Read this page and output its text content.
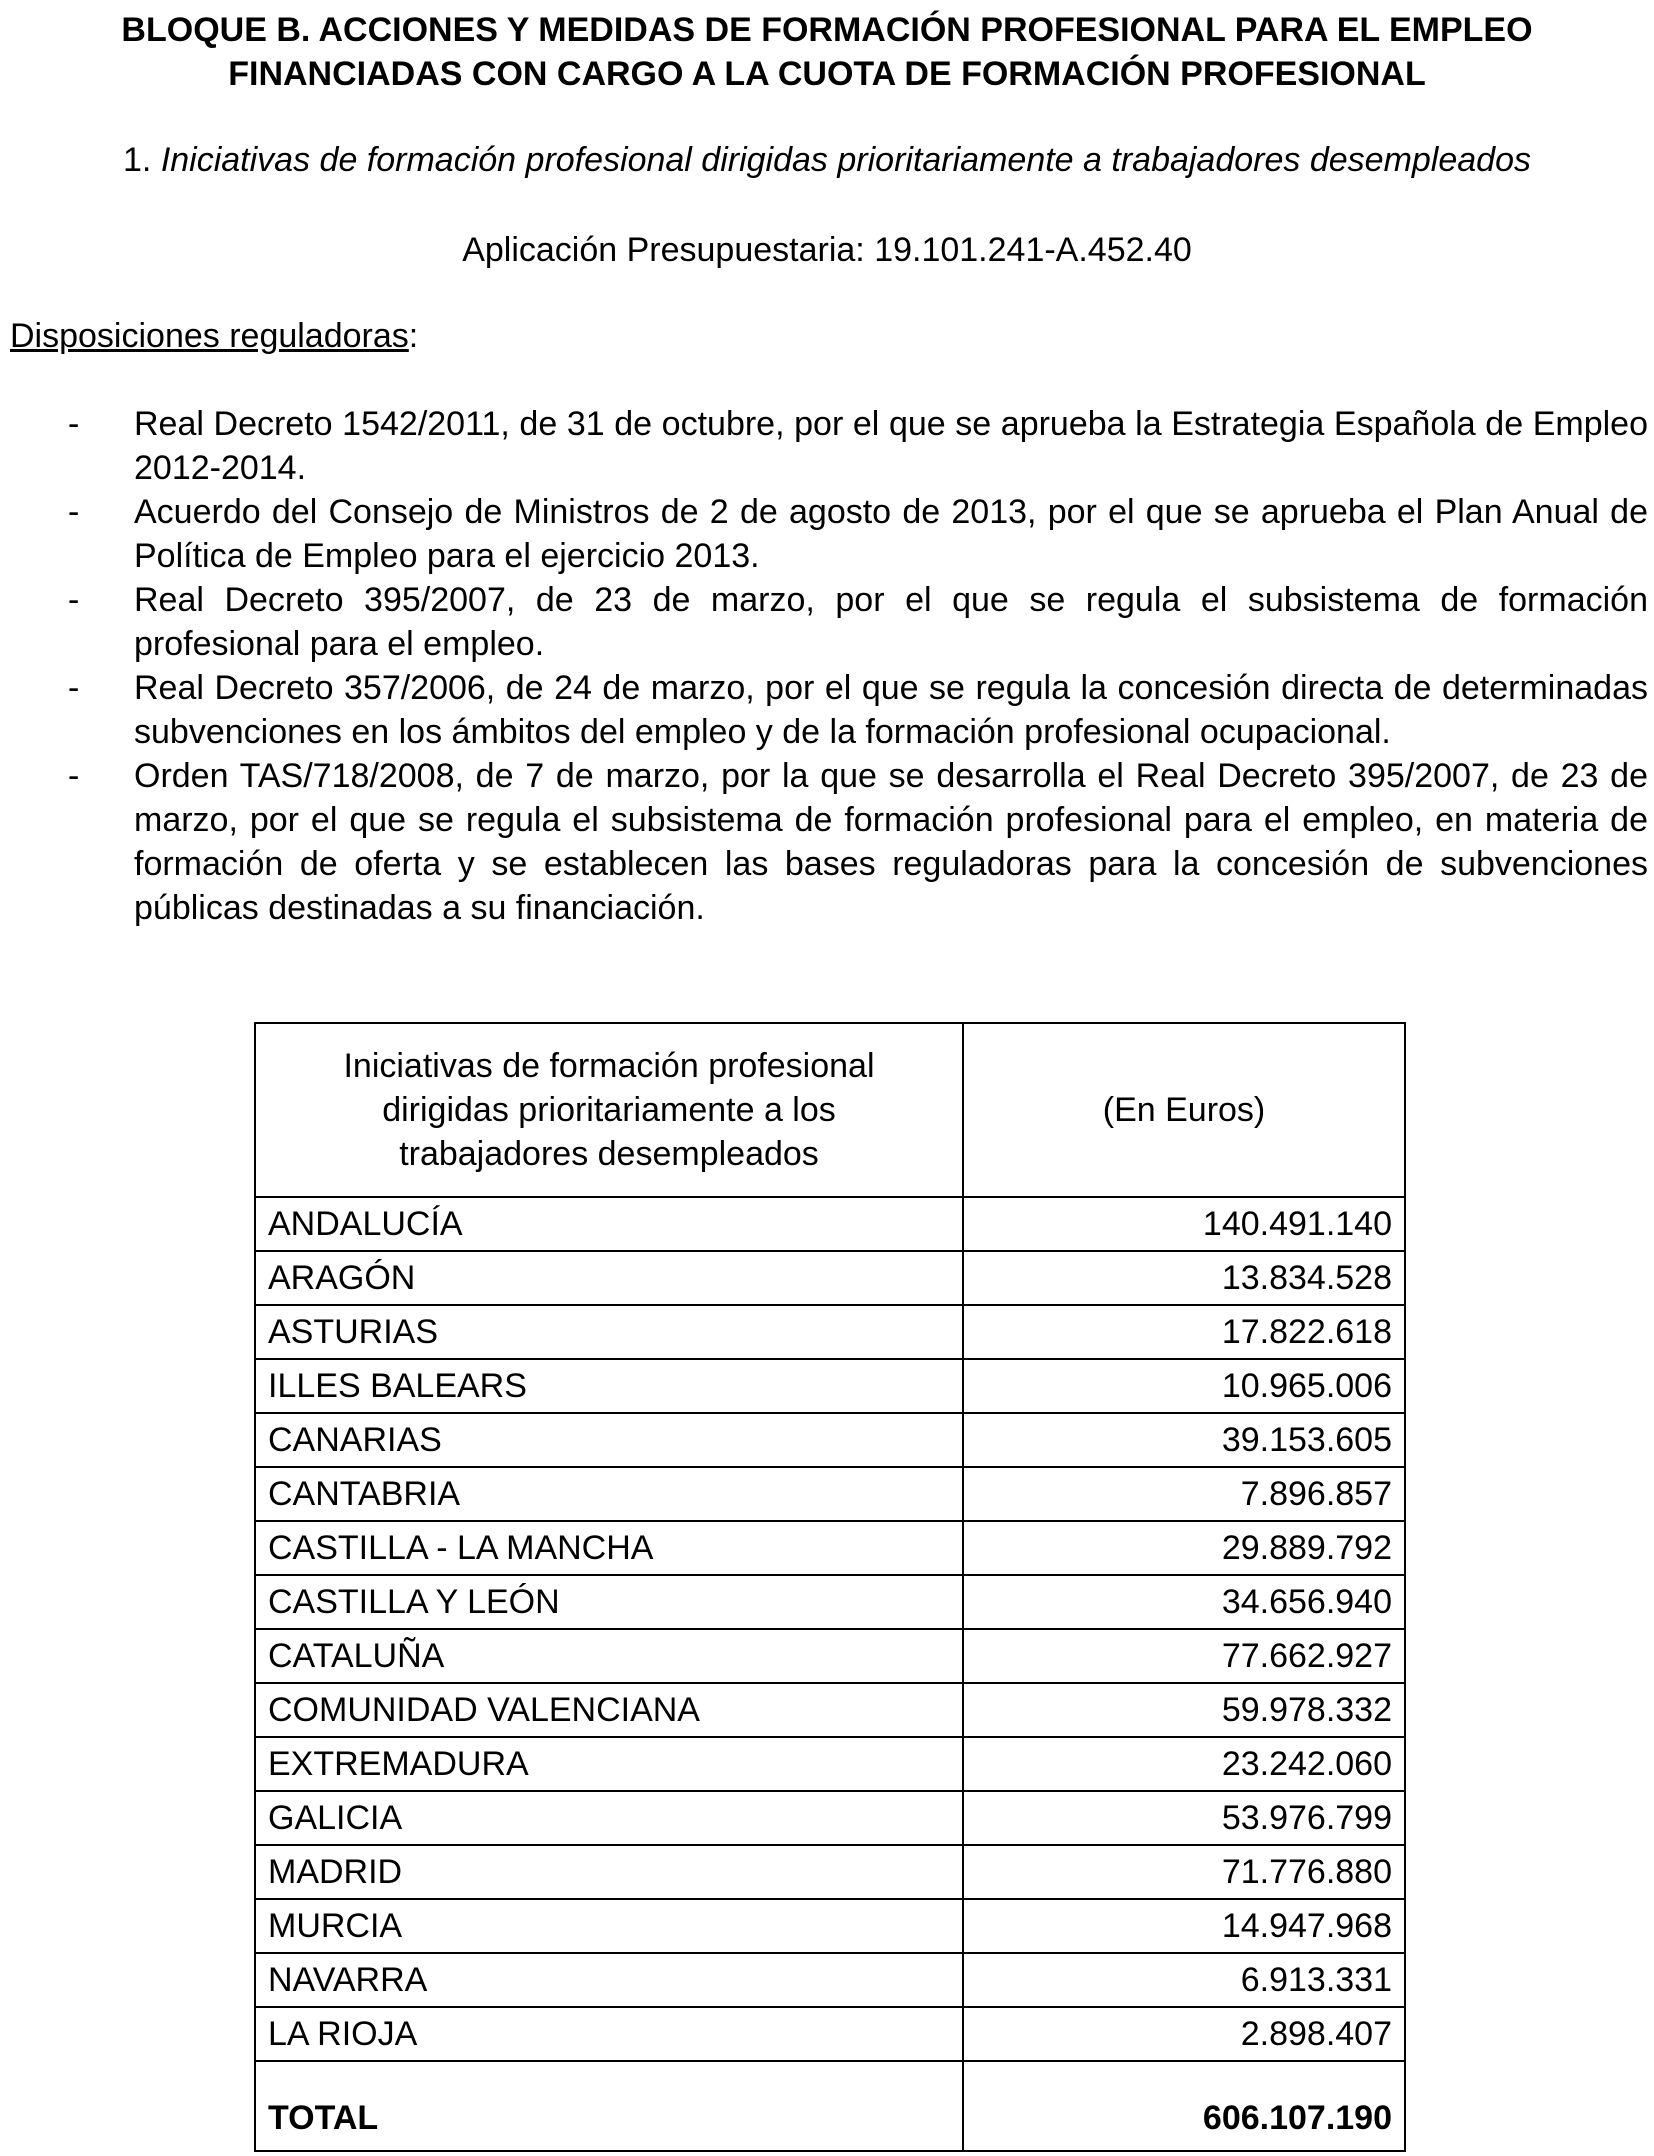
BLOQUE B. ACCIONES Y MEDIDAS DE FORMACIÓN PROFESIONAL PARA EL EMPLEO
FINANCIADAS CON CARGO A LA CUOTA DE FORMACIÓN PROFESIONAL

1. Iniciativas de formación profesional dirigidas prioritariamente a trabajadores desempleados

Aplicación Presupuestaria: 19.101.241-A.452.40

Disposiciones reguladoras:

- Real Decreto 1542/2011, de 31 de octubre, por el que se aprueba la Estrategia Española de Empleo 2012-2014.
- Acuerdo del Consejo de Ministros de 2 de agosto de 2013, por el que se aprueba el Plan Anual de Política de Empleo para el ejercicio 2013.
- Real Decreto 395/2007, de 23 de marzo, por el que se regula el subsistema de formación profesional para el empleo.
- Real Decreto 357/2006, de 24 de marzo, por el que se regula la concesión directa de determinadas subvenciones en los ámbitos del empleo y de la formación profesional ocupacional.
- Orden TAS/718/2008, de 7 de marzo, por la que se desarrolla el Real Decreto 395/2007, de 23 de marzo, por el que se regula el subsistema de formación profesional para el empleo, en materia de formación de oferta y se establecen las bases reguladoras para la concesión de subvenciones públicas destinadas a su financiación.
Iniciativas de formación profesional
dirigidas prioritariamente a los
trabajadores desempleados	(En Euros)
ANDALUCÍA	140.491.140
ARAGÓN	13.834.528
ASTURIAS	17.822.618
ILLES BALEARS	10.965.006
CANARIAS	39.153.605
CANTABRIA	7.896.857
CASTILLA - LA MANCHA	29.889.792
CASTILLA Y LEÓN	34.656.940
CATALUÑA	77.662.927
COMUNIDAD VALENCIANA	59.978.332
EXTREMADURA	23.242.060
GALICIA	53.976.799
MADRID	71.776.880
MURCIA	14.947.968
NAVARRA	6.913.331
LA RIOJA	2.898.407
TOTAL	606.107.190
